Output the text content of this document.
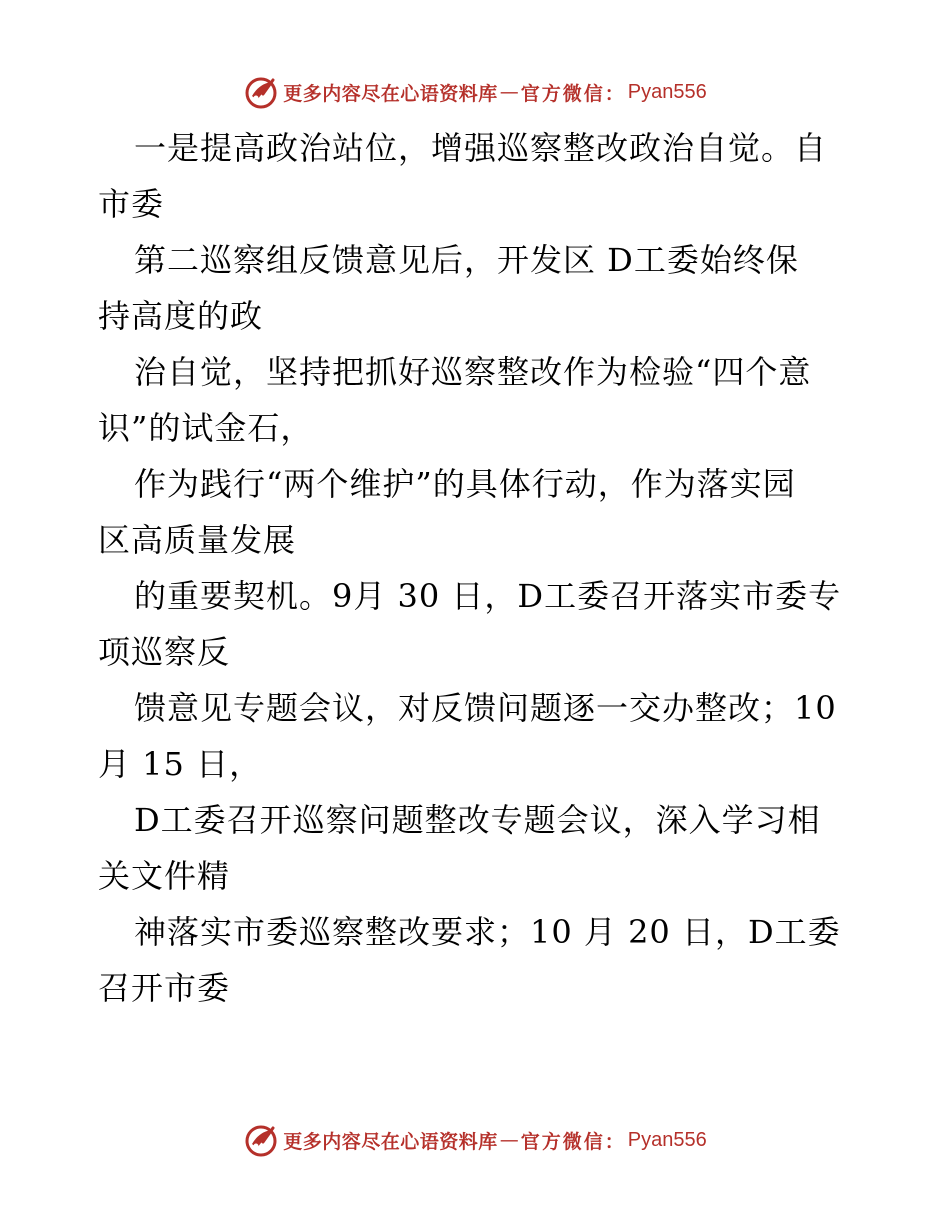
更多内容尽在心语资料库 — 官方微信： Pyan556
一是提高政治站位，增强巡察整改政治自觉。自
市委
第二巡察组反馈意见后，开发区 D工委始终保
持高度的政
治自觉，坚持把抓好巡察整改作为检验“四个意
识”的试金石，
作为践行“两个维护”的具体行动，作为落实园
区高质量发展
的重要契机。9月 30 日，D工委召开落实市委专
项巡察反
馈意见专题会议，对反馈问题逐一交办整改；10
月 15 日，
D工委召开巡察问题整改专题会议，深入学习相
关文件精
神落实市委巡察整改要求；10 月 20 日，D工委
召开市委
更多内容尽在心语资料库 — 官方微信： Pyan556
